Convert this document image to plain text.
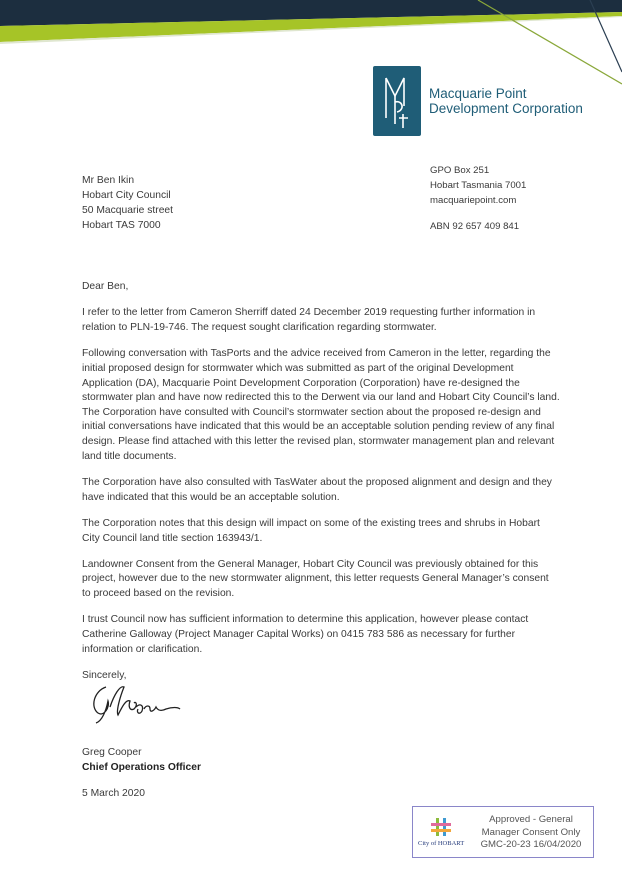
Macquarie Point
Development Corporation
GPO Box 251
Hobart Tasmania 7001
macquariepoint.com
ABN 92 657 409 841
Mr Ben Ikin
Hobart City Council
50 Macquarie street
Hobart TAS 7000

Dear Ben,

I refer to the letter from Cameron Sherriff dated 24 December 2019 requesting further information in relation to PLN-19-746. The request sought clarification regarding stormwater.

Following conversation with TasPorts and the advice received from Cameron in the letter, regarding the initial proposed design for stormwater which was submitted as part of the original Development Application (DA), Macquarie Point Development Corporation (Corporation) have re-designed the stormwater plan and have now redirected this to the Derwent via our land and Hobart City Council’s land. The Corporation have consulted with Council’s stormwater section about the proposed re-design and initial conversations have indicated that this would be an acceptable solution pending review of any final design. Please find attached with this letter the revised plan, stormwater management plan and relevant land title documents.

The Corporation have also consulted with TasWater about the proposed alignment and design and they have indicated that this would be an acceptable solution.

The Corporation notes that this design will impact on some of the existing trees and shrubs in Hobart City Council land title section 163943/1.

Landowner Consent from the General Manager, Hobart City Council was previously obtained for this project, however due to the new stormwater alignment, this letter requests General Manager’s consent to proceed based on the revision.

I trust Council now has sufficient information to determine this application, however please contact Catherine Galloway (Project Manager Capital Works) on 0415 783 586 as necessary for further information or clarification.

Sincerely,

Greg Cooper
Chief Operations Officer
5 March 2020
City of HOBART
Approved - General
Manager Consent Only
GMC-20-23 16/04/2020
